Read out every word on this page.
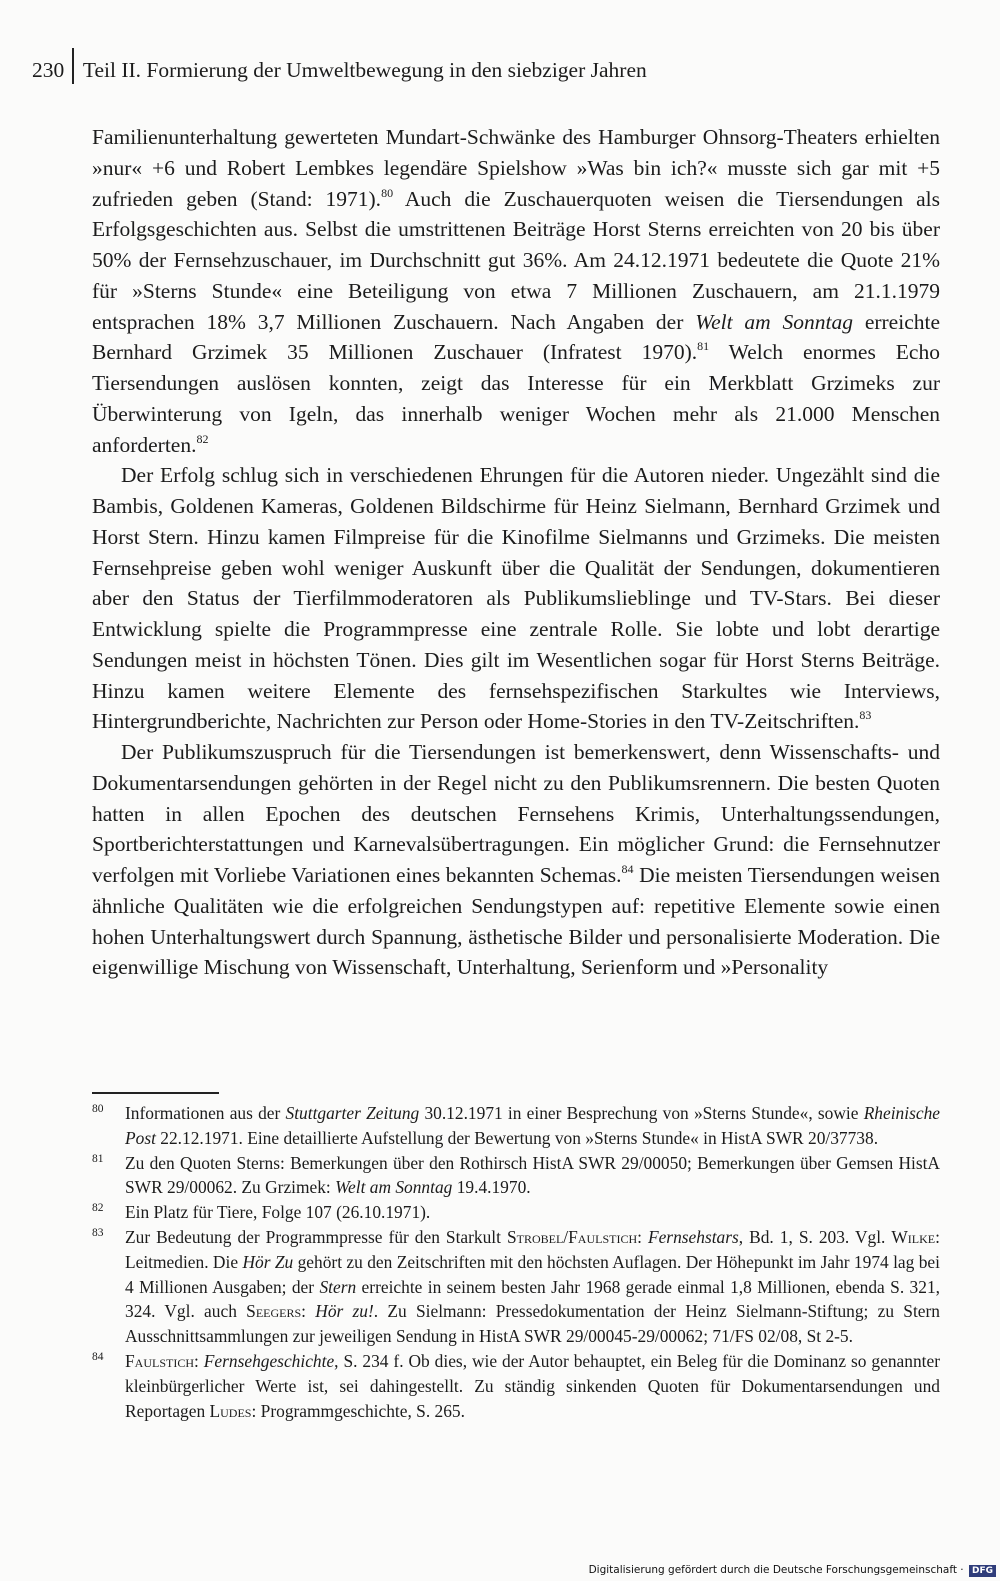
230 Teil II. Formierung der Umweltbewegung in den siebziger Jahren

Familienunterhaltung gewerteten Mundart-Schwänke des Hamburger Ohnsorg-Theaters erhielten »nur« +6 und Robert Lembkes legendäre Spielshow »Was bin ich?« musste sich gar mit +5 zufrieden geben (Stand: 1971).$^{80}$ Auch die Zuschauerquoten weisen die Tiersendungen als Erfolgsgeschichten aus. Selbst die umstrittenen Beiträge Horst Sterns erreichten von 20 bis über 50% der Fernsehzuschauer, im Durchschnitt gut 36%. Am 24.12.1971 bedeutete die Quote 21% für »Sterns Stunde« eine Beteiligung von etwa 7 Millionen Zuschauern, am 21.1.1979 entsprachen 18% 3,7 Millionen Zuschauern. Nach Angaben der Welt am Sonntag erreichte Bernhard Grzimek 35 Millionen Zuschauer (Infratest 1970).$^{81}$ Welch enormes Echo Tiersendungen auslösen konnten, zeigt das Interesse für ein Merkblatt Grzimeks zur Überwinterung von Igeln, das innerhalb weniger Wochen mehr als 21.000 Menschen anforderten.$^{82}$

Der Erfolg schlug sich in verschiedenen Ehrungen für die Autoren nieder. Ungezählt sind die Bambis, Goldenen Kameras, Goldenen Bildschirme für Heinz Sielmann, Bernhard Grzimek und Horst Stern. Hinzu kamen Filmpreise für die Kinofilme Sielmanns und Grzimeks. Die meisten Fernsehpreise geben wohl weniger Auskunft über die Qualität der Sendungen, dokumentieren aber den Status der Tierfilmmoderatoren als Publikumslieblinge und TV-Stars. Bei dieser Entwicklung spielte die Programmpresse eine zentrale Rolle. Sie lobte und lobt derartige Sendungen meist in höchsten Tönen. Dies gilt im Wesentlichen sogar für Horst Sterns Beiträge. Hinzu kamen weitere Elemente des fernsehspezifischen Starkultes wie Interviews, Hintergrundberichte, Nachrichten zur Person oder Home-Stories in den TV-Zeitschriften.$^{83}$

Der Publikumszuspruch für die Tiersendungen ist bemerkenswert, denn Wissenschafts- und Dokumentarsendungen gehörten in der Regel nicht zu den Publikumsrennern. Die besten Quoten hatten in allen Epochen des deutschen Fernsehens Krimis, Unterhaltungssendungen, Sportberichterstattungen und Karnevalsübertragungen. Ein möglicher Grund: die Fernsehnutzer verfolgen mit Vorliebe Variationen eines bekannten Schemas.$^{84}$ Die meisten Tiersendungen weisen ähnliche Qualitäten wie die erfolgreichen Sendungstypen auf: repetitive Elemente sowie einen hohen Unterhaltungswert durch Spannung, ästhetische Bilder und personalisierte Moderation. Die eigenwillige Mischung von Wissenschaft, Unterhaltung, Serienform und »Personality

80 Informationen aus der Stuttgarter Zeitung 30.12.1971 in einer Besprechung von »Sterns Stunde«, sowie Rheinische Post 22.12.1971. Eine detaillierte Aufstellung der Bewertung von »Sterns Stunde« in HistA SWR 20/37738.
81 Zu den Quoten Sterns: Bemerkungen über den Rothirsch HistA SWR 29/00050; Bemerkungen über Gemsen HistA SWR 29/00062. Zu Grzimek: Welt am Sonntag 19.4.1970.
82 Ein Platz für Tiere, Folge 107 (26.10.1971).
83 Zur Bedeutung der Programmpresse für den Starkult Strobel/Faulstich: Fernsehstars, Bd. 1, S. 203. Vgl. Wilke: Leitmedien. Die Hör Zu gehört zu den Zeitschriften mit den höchsten Auflagen. Der Höhepunkt im Jahr 1974 lag bei 4 Millionen Ausgaben; der Stern erreichte in seinem besten Jahr 1968 gerade einmal 1,8 Millionen, ebenda S. 321, 324. Vgl. auch Seegers: Hör zu!. Zu Sielmann: Pressedokumentation der Heinz Sielmann-Stiftung; zu Stern Ausschnittsammlungen zur jeweiligen Sendung in HistA SWR 29/00045-29/00062; 71/FS 02/08, St 2-5.
84 Faulstich: Fernsehgeschichte, S. 234 f. Ob dies, wie der Autor behauptet, ein Beleg für die Dominanz so genannter kleinbürgerlicher Werte ist, sei dahingestellt. Zu ständig sinkenden Quoten für Dokumentarsendungen und Reportagen Ludes: Programmgeschichte, S. 265.
Digitalisierung gefördert durch die Deutsche Forschungsgemeinschaft · DFG
